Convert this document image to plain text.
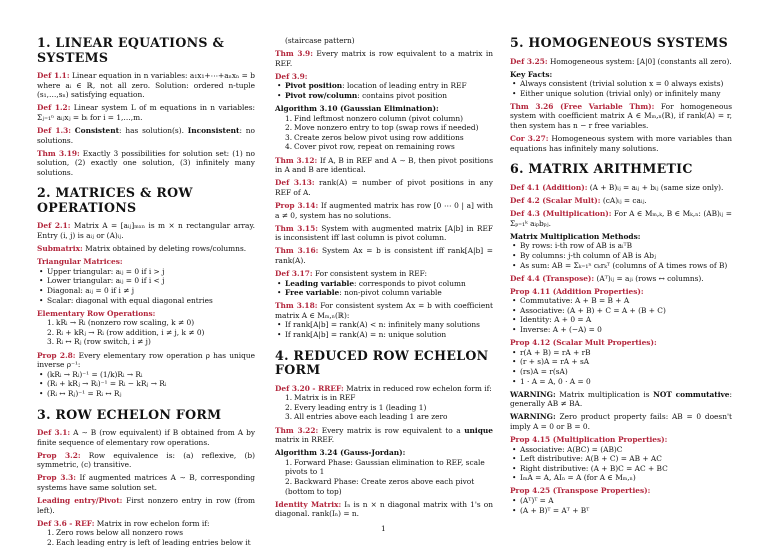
1. LINEAR EQUATIONS & SYSTEMS

Def 1.1: Linear equation in n variables: a₁x₁+⋯+aₙxₙ = b where aᵢ ∈ ℝ, not all zero. Solution: ordered n-tuple (s₁,…,sₙ) satisfying equation.

Def 1.2: Linear system L of m equations in n variables: Σⱼ₌₁ⁿ aᵢⱼxⱼ = bᵢ for i = 1,…,m.

Def 1.3: Consistent: has solution(s). Inconsistent: no solutions.

Thm 3.19: Exactly 3 possibilities for solution set: (1) no solution, (2) exactly one solution, (3) infinitely many solutions.

2. MATRICES & ROW OPERATIONS

Def 2.1: Matrix A = [aᵢⱼ]ₘₓₙ is m × n rectangular array. Entry (i, j) is aᵢⱼ or (A)ᵢⱼ.

Submatrix: Matrix obtained by deleting rows/columns.

Triangular Matrices:

• Upper triangular: aᵢⱼ = 0 if i > j
• Lower triangular: aᵢⱼ = 0 if i < j
• Diagonal: aᵢⱼ = 0 if i ≠ j
• Scalar: diagonal with equal diagonal entries

Elementary Row Operations:

1. kRᵢ → Rᵢ (nonzero row scaling, k ≠ 0)
2. Rᵢ + kRⱼ → Rᵢ (row addition, i ≠ j, k ≠ 0)
3. Rᵢ ↔ Rⱼ (row switch, i ≠ j)

Prop 2.8: Every elementary row operation ρ has unique inverse ρ⁻¹:

• (kRᵢ → Rᵢ)⁻¹ = (1/k)Rᵢ → Rᵢ
• (Rᵢ + kRⱼ → Rᵢ)⁻¹ = Rᵢ − kRⱼ → Rᵢ
• (Rᵢ ↔ Rⱼ)⁻¹ = Rᵢ ↔ Rⱼ
3. ROW ECHELON FORM

Def 3.1: A ∼ B (row equivalent) if B obtained from A by finite sequence of elementary row operations.

Prop 3.2: Row equivalence is: (a) reflexive, (b) symmetric, (c) transitive.

Prop 3.3: If augmented matrices A ∼ B, corresponding systems have same solution set.

Leading entry/Pivot: First nonzero entry in row (from left).

Def 3.6 - REF: Matrix in row echelon form if:

1. Zero rows below all nonzero rows
2. Each leading entry is left of leading entries below it

(staircase pattern)

Thm 3.9: Every matrix is row equivalent to a matrix in REF.

Def 3.9:

• Pivot position: location of leading entry in REF
• Pivot row/column: contains pivot position

Algorithm 3.10 (Gaussian Elimination):

1. Find leftmost nonzero column (pivot column)
2. Move nonzero entry to top (swap rows if needed)
3. Create zeros below pivot using row additions
4. Cover pivot row, repeat on remaining rows

Thm 3.12: If A, B in REF and A ∼ B, then pivot positions in A and B are identical.

Def 3.13: rank(A) = number of pivot positions in any REF of A.

Prop 3.14: If augmented matrix has row [0 ⋯ 0 | a] with a ≠ 0, system has no solutions.

Thm 3.15: System with augmented matrix [A|b] in REF is inconsistent iff last column is pivot column.

Thm 3.16: System Ax = b is consistent iff rank[A|b] = rank(A).

Def 3.17: For consistent system in REF:

• Leading variable: corresponds to pivot column
• Free variable: non-pivot column variable

Thm 3.18: For consistent system Ax = b with coefficient matrix A ∈ Mₘ,ₙ(ℝ):

• If rank[A|b] = rank(A) < n: infinitely many solutions
• If rank[A|b] = rank(A) = n: unique solution
4. REDUCED ROW ECHELON FORM

Def 3.20 - RREF: Matrix in reduced row echelon form if:

1. Matrix is in REF
2. Every leading entry is 1 (leading 1)
3. All entries above each leading 1 are zero

Thm 3.22: Every matrix is row equivalent to a unique matrix in RREF.

Algorithm 3.24 (Gauss-Jordan):

1. Forward Phase: Gaussian elimination to REF, scale pivots to 1
2. Backward Phase: Create zeros above each pivot (bottom to top)

Identity Matrix: Iₙ is n × n diagonal matrix with 1's on diagonal. rank(Iₙ) = n.

5. HOMOGENEOUS SYSTEMS

Def 3.25: Homogeneous system: [A|0] (constants all zero).

Key Facts:

• Always consistent (trivial solution x = 0 always exists)
• Either unique solution (trivial only) or infinitely many

Thm 3.26 (Free Variable Thm): For homogeneous system with coefficient matrix A ∈ Mₘ,ₙ(ℝ), if rank(A) = r, then system has n − r free variables.

Cor 3.27: Homogeneous system with more variables than equations has infinitely many solutions.

6. MATRIX ARITHMETIC

Def 4.1 (Addition): (A + B)ᵢⱼ = aᵢⱼ + bᵢⱼ (same size only).

Def 4.2 (Scalar Mult): (cA)ᵢⱼ = caᵢⱼ.

Def 4.3 (Multiplication): For A ∈ Mₘ,ₖ, B ∈ Mₖ,ₙ: (AB)ᵢⱼ = Σₚ₌₁ᵏ aᵢₚbₚⱼ.

Matrix Multiplication Methods:

• By rows: i-th row of AB is aᵢᵀB
• By columns: j-th column of AB is Abⱼ
• As sum: AB = Σₖ₌₁ⁿ cₖrₖᵀ (columns of A times rows of B)

Def 4.4 (Transpose): (Aᵀ)ᵢⱼ = aⱼᵢ (rows ↔ columns).

Prop 4.11 (Addition Properties):

• Commutative: A + B = B + A
• Associative: (A + B) + C = A + (B + C)
• Identity: A + 0 = A
• Inverse: A + (−A) = 0

Prop 4.12 (Scalar Mult Properties):

• r(A + B) = rA + rB
• (r + s)A = rA + sA
• (rs)A = r(sA)
• 1 · A = A, 0 · A = 0

WARNING: Matrix multiplication is NOT commutative: generally AB ≠ BA.

WARNING: Zero product property fails: AB = 0 doesn't imply A = 0 or B = 0.

Prop 4.15 (Multiplication Properties):

• Associative: A(BC) = (AB)C
• Left distributive: A(B + C) = AB + AC
• Right distributive: (A + B)C = AC + BC
• IₘA = A, AIₙ = A (for A ∈ Mₘ,ₙ)

Prop 4.25 (Transpose Properties):

• (Aᵀ)ᵀ = A
• (A + B)ᵀ = Aᵀ + Bᵀ
1
